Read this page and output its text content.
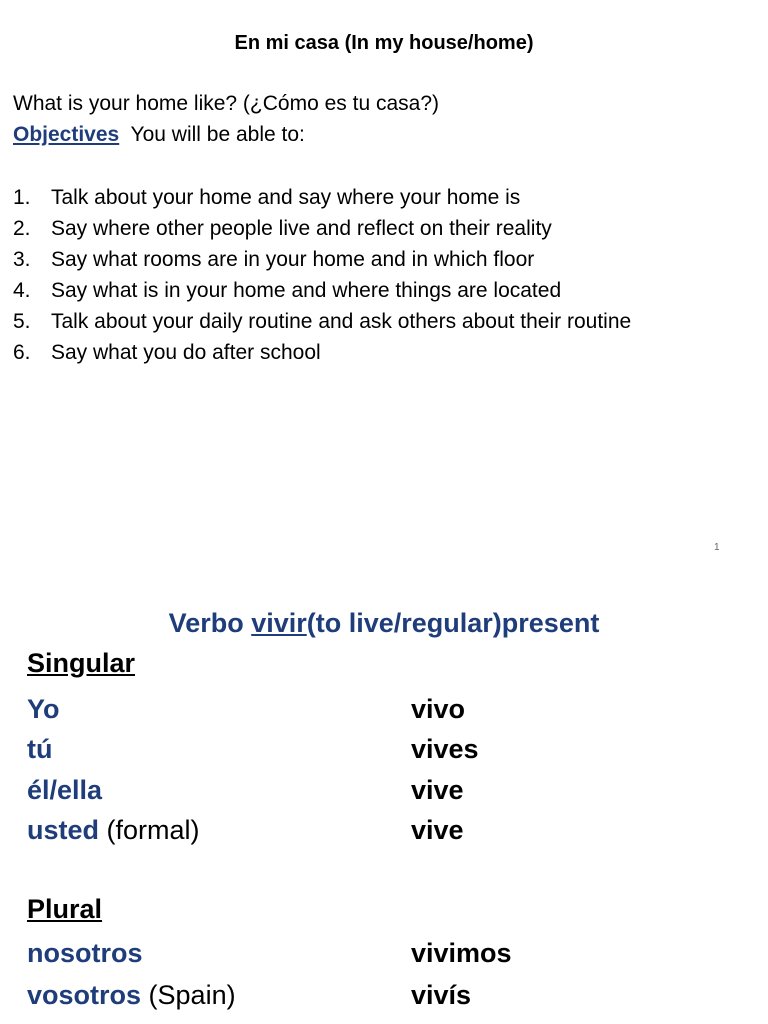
En mi casa (In my house/home)
What is your home like? (¿Cómo es tu casa?)
Objectives You will be able to:
1. Talk about your home and say where your home is
2. Say where other people live and reflect on their reality
3. Say what rooms are in your home and in which floor
4. Say what is in your home and where things are located
5. Talk about your daily routine and ask others about their routine
6. Say what you do after school
1
Verbo vivir(to live/regular)present
Singular
Yo	vivo
tú	vives
él/ella	vive
usted (formal)	vive
Plural
nosotros	vivimos
vosotros (Spain)	vivís
